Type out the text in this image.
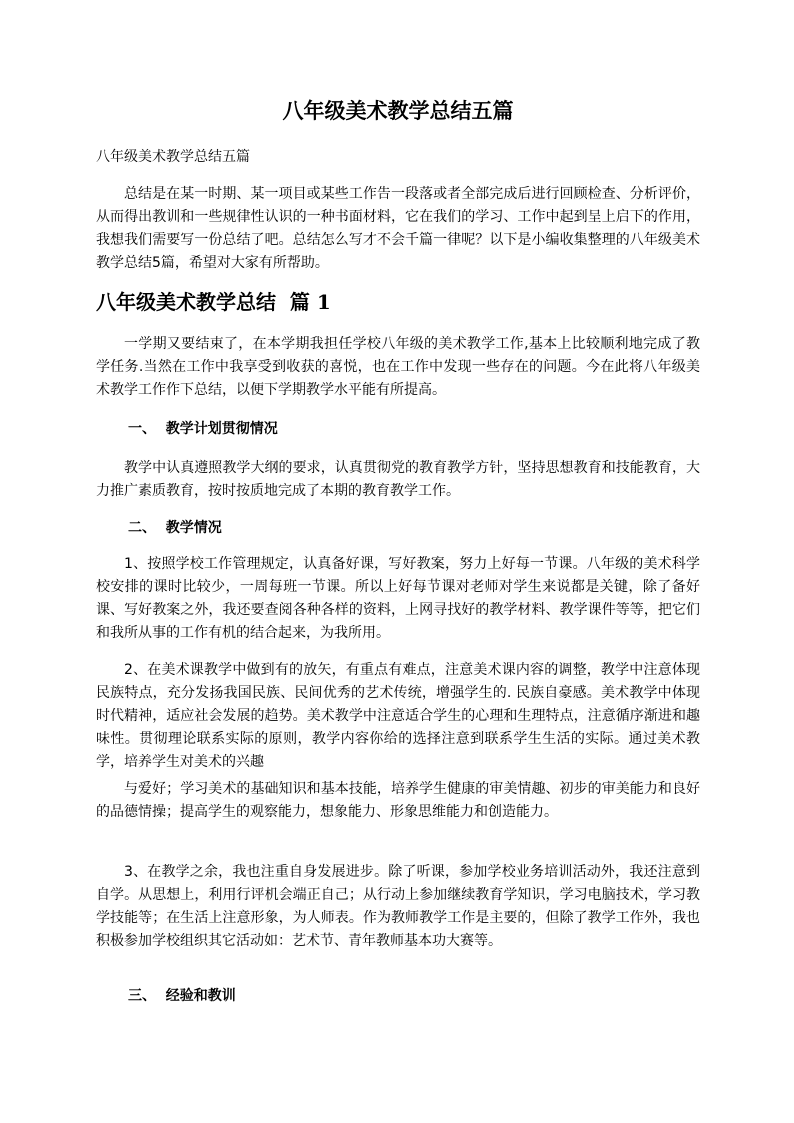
八年级美术教学总结五篇

八年级美术教学总结五篇

总结是在某一时期、某一项目或某些工作告一段落或者全部完成后进行回顾检查、分析评价，从而得出教训和一些规律性认识的一种书面材料，它在我们的学习、工作中起到呈上启下的作用，我想我们需要写一份总结了吧。总结怎么写才不会千篇一律呢？以下是小编收集整理的八年级美术教学总结5篇，希望对大家有所帮助。

八年级美术教学总结  篇 1

一学期又要结束了，在本学期我担任学校八年级的美术教学工作,基本上比较顺利地完成了教学任务.当然在工作中我享受到收获的喜悦，也在工作中发现一些存在的问题。今在此将八年级美术教学工作作下总结，以便下学期教学水平能有所提高。

一、  教学计划贯彻情况

教学中认真遵照教学大纲的要求，认真贯彻党的教育教学方针，坚持思想教育和技能教育，大力推广素质教育，按时按质地完成了本期的教育教学工作。

二、  教学情况

1、按照学校工作管理规定，认真备好课，写好教案，努力上好每一节课。八年级的美术科学校安排的课时比较少，一周每班一节课。所以上好每节课对老师对学生来说都是关键，除了备好课、写好教案之外，我还要查阅各种各样的资料，上网寻找好的教学材料、教学课件等等，把它们和我所从事的工作有机的结合起来，为我所用。

2、在美术课教学中做到有的放矢，有重点有难点，注意美术课内容的调整，教学中注意体现民族特点，充分发扬我国民族、民间优秀的艺术传统，增强学生的. 民族自豪感。美术教学中体现时代精神，适应社会发展的趋势。美术教学中注意适合学生的心理和生理特点，注意循序渐进和趣味性。贯彻理论联系实际的原则，教学内容你给的选择注意到联系学生生活的实际。通过美术教学，培养学生对美术的兴趣

与爱好；学习美术的基础知识和基本技能，培养学生健康的审美情趣、初步的审美能力和良好的品德情操；提高学生的观察能力，想象能力、形象思维能力和创造能力。

3、在教学之余，我也注重自身发展进步。除了听课，参加学校业务培训活动外，我还注意到自学。从思想上，利用行评机会端正自己；从行动上参加继续教育学知识，学习电脑技术，学习教学技能等；在生活上注意形象，为人师表。作为教师教学工作是主要的，但除了教学工作外，我也积极参加学校组织其它活动如：艺术节、青年教师基本功大赛等。

三、  经验和教训
